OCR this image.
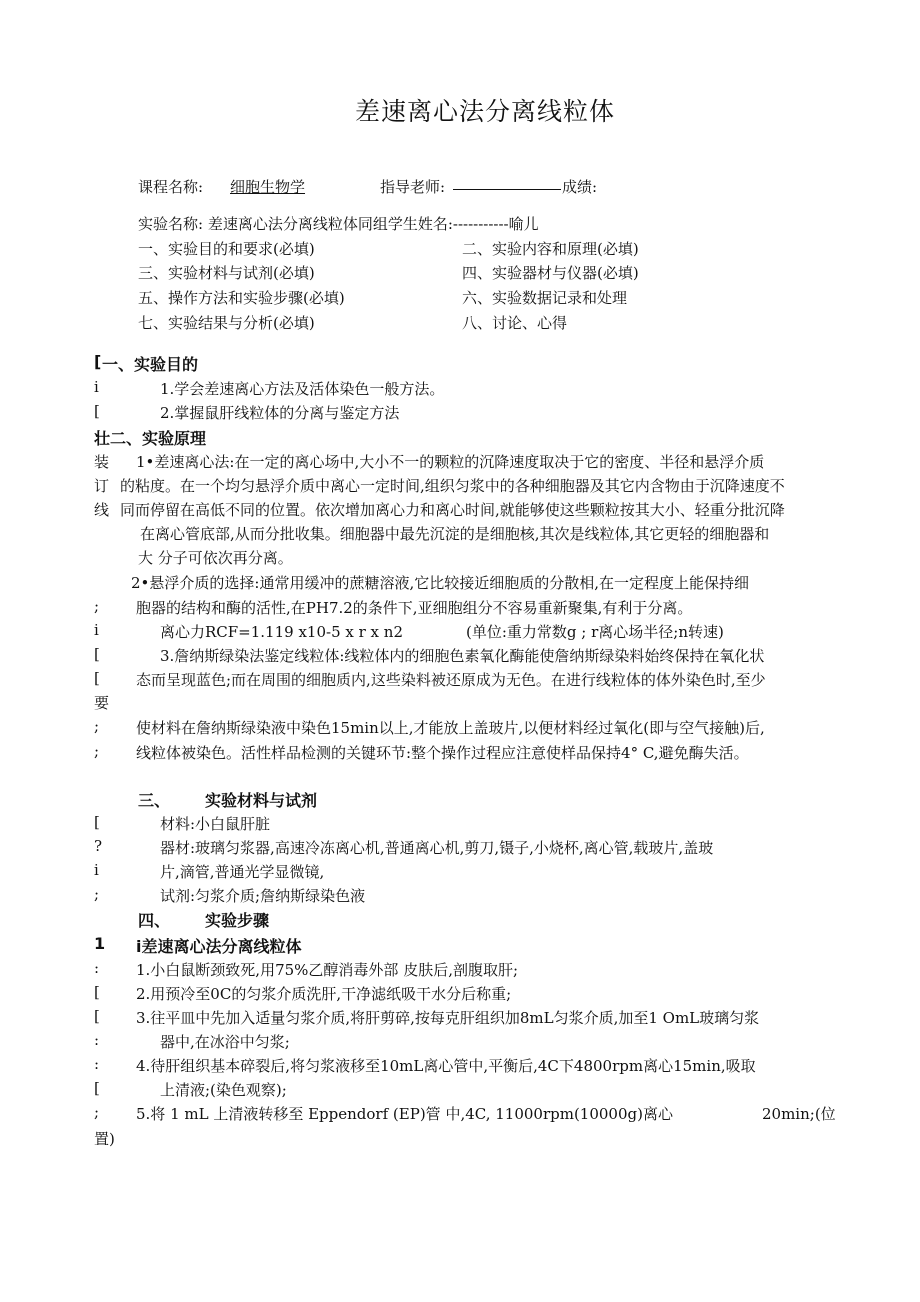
差速离心法分离线粒体
课程名称: 细胞生物学	指导老师:	成绩:
实验名称: 差速离心法分离线粒体同组学生姓名:-----------喻儿
一、实验目的和要求(必填)	二、实验内容和原理(必填)
三、实验材料与试剂(必填)	四、实验器材与仪器(必填)
五、操作方法和实验步骤(必填)	六、实验数据记录和处理
七、实验结果与分析(必填)	八、讨论、心得
[ 一、实验目的
i	1.学会差速离心方法及活体染色一般方法。
[	2.掌握鼠肝线粒体的分离与鉴定方法
壮 二、实验原理
装 1•差速离心法:在一定的离心场中,大小不一的颗粒的沉降速度取决于它的密度、半径和悬浮介质
订 的粘度。在一个均匀悬浮介质中离心一定时间,组织匀浆中的各种细胞器及其它内含物由于沉降速度不
线 同而停留在高低不同的位置。依次增加离心力和离心时间,就能够使这些颗粒按其大小、轻重分批沉降
在离心管底部,从而分批收集。细胞器中最先沉淀的是细胞核,其次是线粒体,其它更轻的细胞器和
大 分子可依次再分离。
2•悬浮介质的选择:通常用缓冲的蔗糖溶液,它比较接近细胞质的分散相,在一定程度上能保持细
; 胞器的结构和酶的活性,在PH7.2的条件下,亚细胞组分不容易重新聚集,有利于分离。
i	离心力RCF=1.119 x10-5 x r x n2	(单位:重力常数g ; r离心场半径;n转速)
[	3.詹纳斯绿染法鉴定线粒体:线粒体内的细胞色素氧化酶能使詹纳斯绿染料始终保持在氧化状
[ 态而呈现蓝色;而在周围的细胞质内,这些染料被还原成为无色。在进行线粒体的体外染色时,至少
要
; 使材料在詹纳斯绿染液中染色15min以上,才能放上盖玻片,以便材料经过氧化(即与空气接触)后,
; 线粒体被染色。活性样品检测的关键环节:整个操作过程应注意使样品保持4° C,避免酶失活。
三、 实验材料与试剂
[	材料:小白鼠肝脏
?	器材:玻璃匀浆器,高速冷冻离心机,普通离心机,剪刀,镊子,小烧杯,离心管,载玻片,盖玻
i	片,滴管,普通光学显微镜,
;	试剂:匀浆介质;詹纳斯绿染色液
四、 实验步骤
1 i差速离心法分离线粒体
: 1.小白鼠断颈致死,用75%乙醇消毒外部 皮肤后,剖腹取肝;
[ 2.用预冷至0C的匀浆介质洗肝,干净滤纸吸干水分后称重;
[ 3.往平皿中先加入适量匀浆介质,将肝剪碎,按每克肝组织加8mL匀浆介质,加至1 OmL玻璃匀浆
:	器中,在冰浴中匀浆;
: 4.待肝组织基本碎裂后,将匀浆液移至10mL离心管中,平衡后,4C下4800rpm离心15min,吸取
[	上清液;(染色观察);
; 5.将 1 mL 上清液转移至 Eppendorf (EP)管 中,4C, 11000rpm(10000g)离心	20min;(位
置)
